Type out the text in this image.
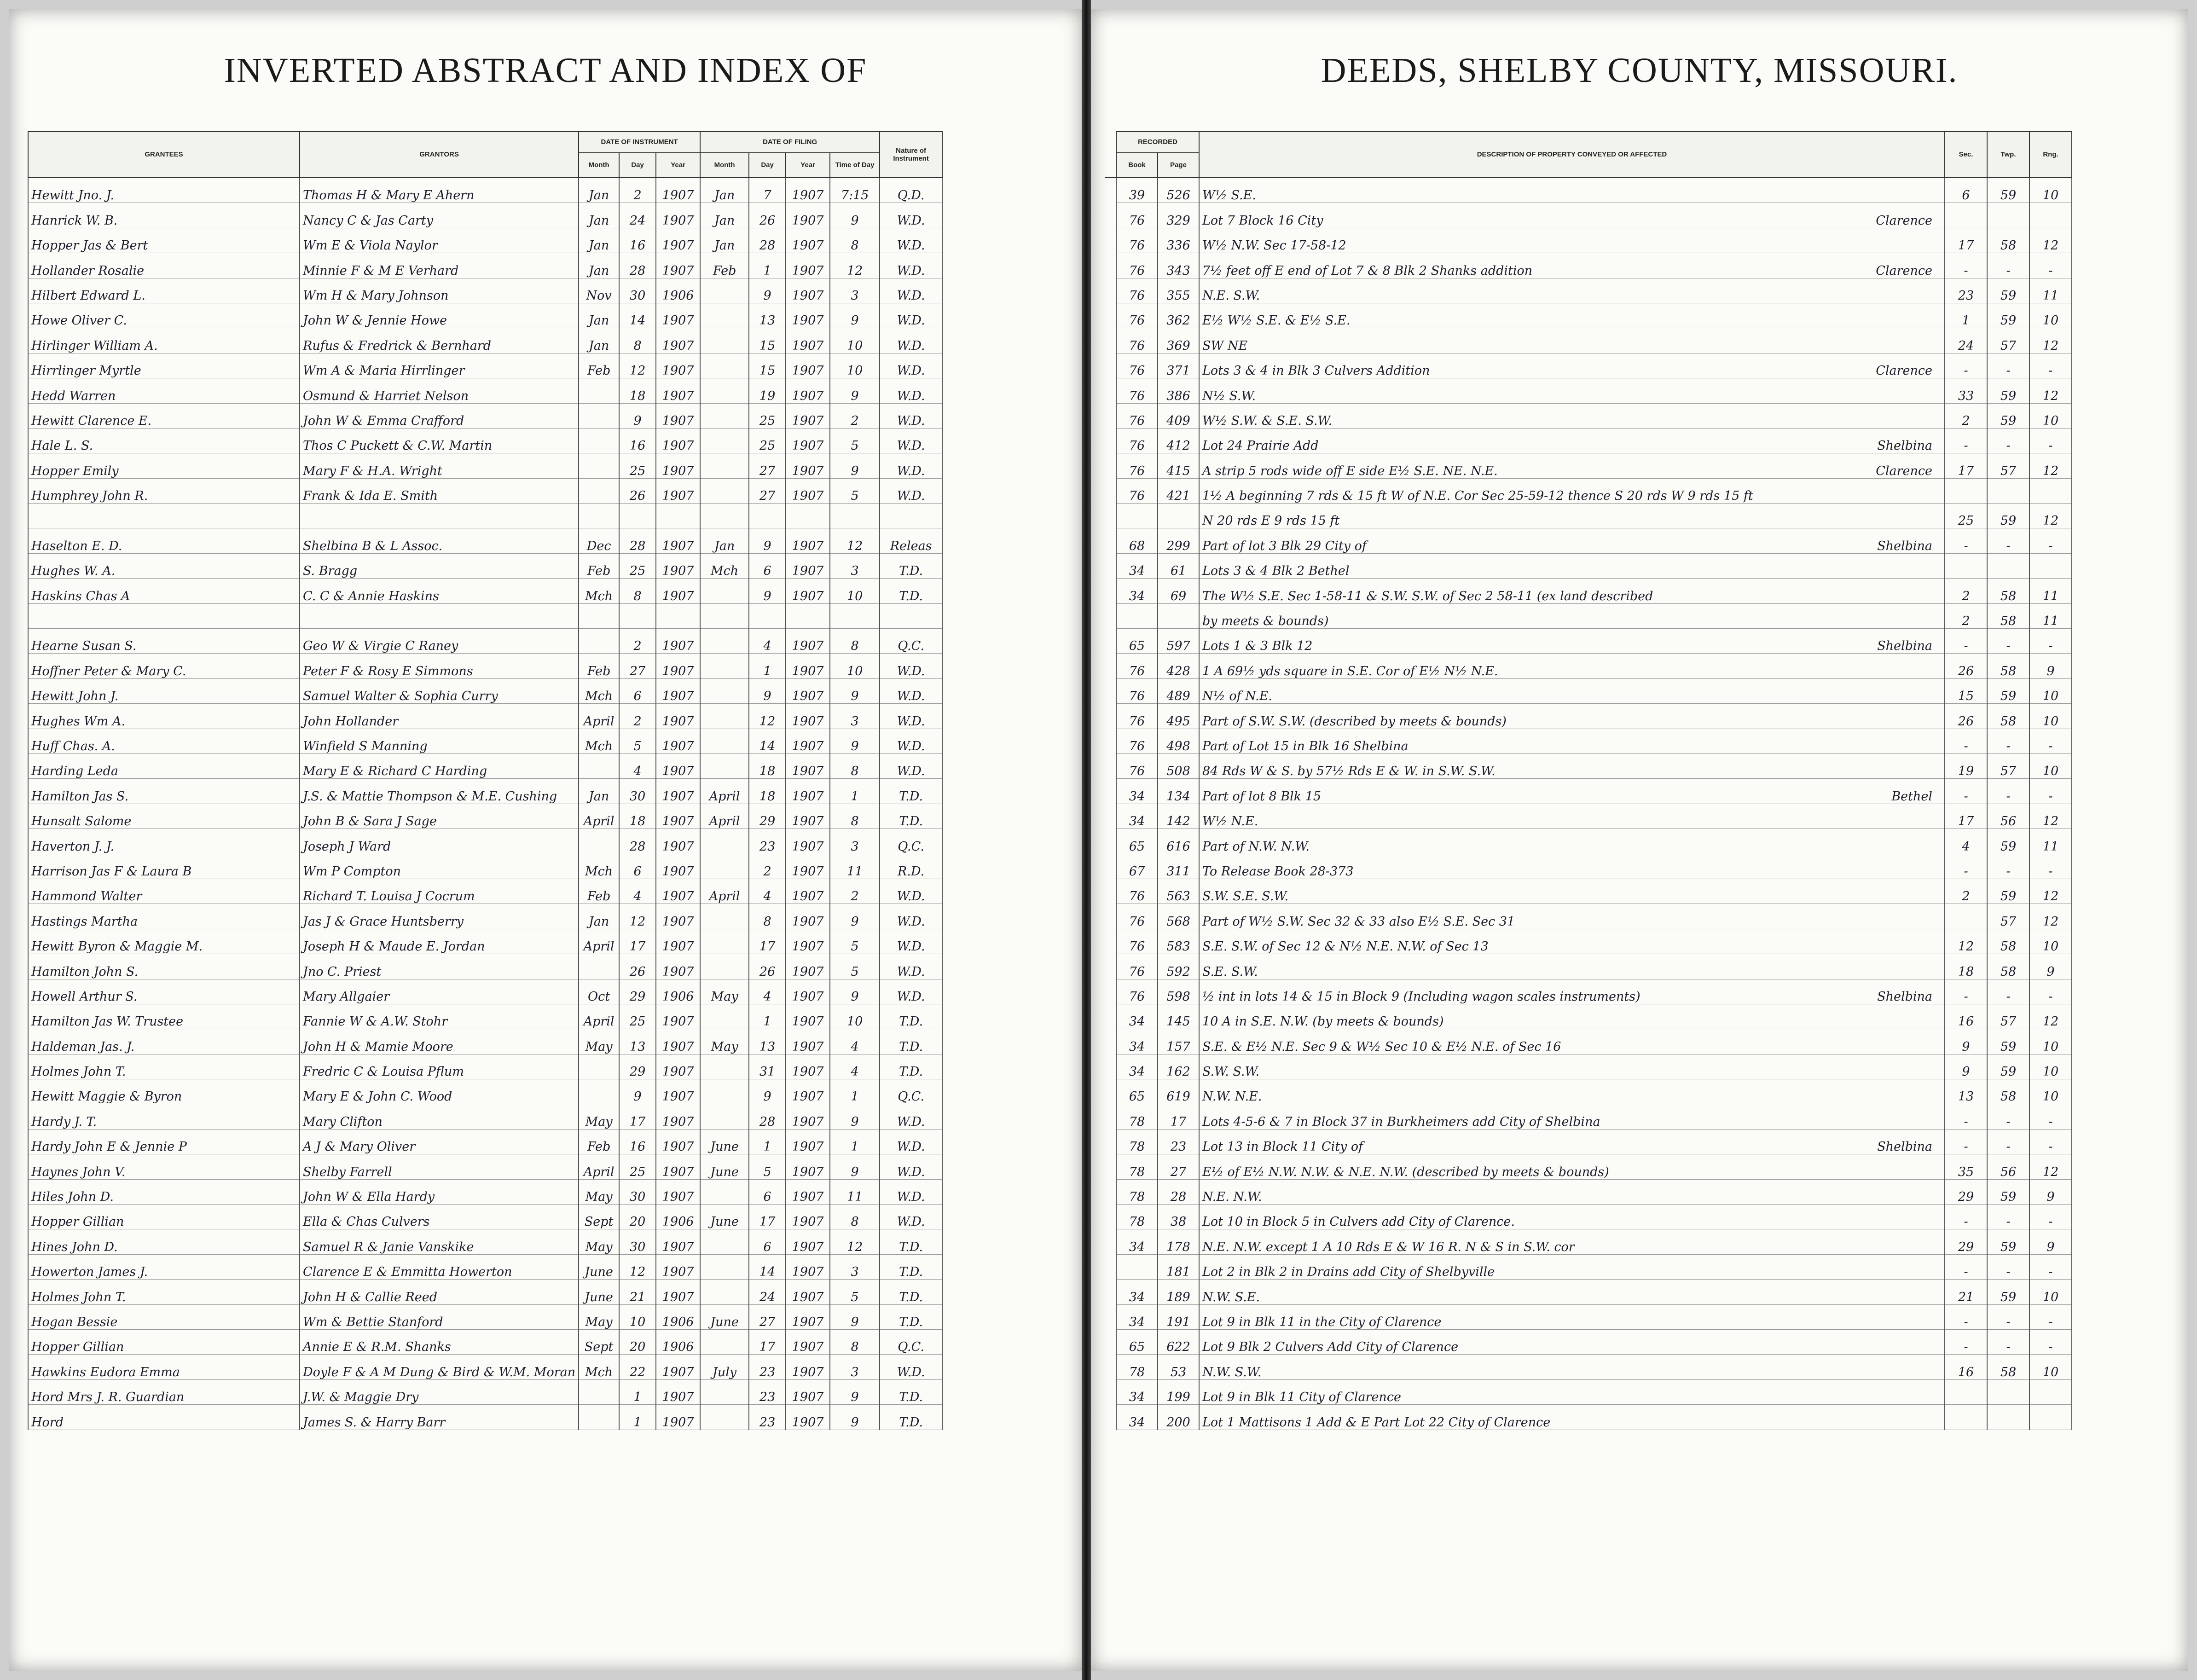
INVERTED ABSTRACT AND INDEX OF
GRANTEES	GRANTORS	DATE OF INSTRUMENT			DATE OF FILING				Nature of Instrument
		Month	Day	Year	Month	Day	Year	Time of Day	
Hewitt Jno. J.	Thomas H & Mary E Ahern	Jan	2	1907	Jan	7	1907	7:15	Q.D.
Hanrick W. B.	Nancy C & Jas Carty	Jan	24	1907	Jan	26	1907	9	W.D.
Hopper Jas & Bert	Wm E & Viola Naylor	Jan	16	1907	Jan	28	1907	8	W.D.
Hollander Rosalie	Minnie F & M E Verhard	Jan	28	1907	Feb	1	1907	12	W.D.
Hilbert Edward L.	Wm H & Mary Johnson	Nov	30	1906		9	1907	3	W.D.
Howe Oliver C.	John W & Jennie Howe	Jan	14	1907		13	1907	9	W.D.
Hirlinger William A.	Rufus & Fredrick & Bernhard	Jan	8	1907		15	1907	10	W.D.
Hirrlinger Myrtle	Wm A & Maria Hirrlinger	Feb	12	1907		15	1907	10	W.D.
Hedd Warren	Osmund & Harriet Nelson		18	1907		19	1907	9	W.D.
Hewitt Clarence E.	John W & Emma Crafford		9	1907		25	1907	2	W.D.
Hale L. S.	Thos C Puckett & C.W. Martin		16	1907		25	1907	5	W.D.
Hopper Emily	Mary F & H.A. Wright		25	1907		27	1907	9	W.D.
Humphrey John R.	Frank & Ida E. Smith		26	1907		27	1907	5	W.D.

Haselton E. D.	Shelbina B & L Assoc.	Dec	28	1907	Jan	9	1907	12	Releas
Hughes W. A.	S. Bragg	Feb	25	1907	Mch	6	1907	3	T.D.
Haskins Chas A	C. C & Annie Haskins	Mch	8	1907		9	1907	10	T.D.

Hearne Susan S.	Geo W & Virgie C Raney		2	1907		4	1907	8	Q.C.
Hoffner Peter & Mary C.	Peter F & Rosy E Simmons	Feb	27	1907		1	1907	10	W.D.
Hewitt John J.	Samuel Walter & Sophia Curry	Mch	6	1907		9	1907	9	W.D.
Hughes Wm A.	John Hollander	April	2	1907		12	1907	3	W.D.
Huff Chas. A.	Winfield S Manning	Mch	5	1907		14	1907	9	W.D.
Harding Leda	Mary E & Richard C Harding		4	1907		18	1907	8	W.D.
Hamilton Jas S.	J.S. & Mattie Thompson & M.E. Cushing	Jan	30	1907	April	18	1907	1	T.D.
Hunsalt Salome	John B & Sara J Sage	April	18	1907	April	29	1907	8	T.D.
Haverton J. J.	Joseph J Ward		28	1907		23	1907	3	Q.C.
Harrison Jas F & Laura B	Wm P Compton	Mch	6	1907		2	1907	11	R.D.
Hammond Walter	Richard T. Louisa J Cocrum	Feb	4	1907	April	4	1907	2	W.D.
Hastings Martha	Jas J & Grace Huntsberry	Jan	12	1907		8	1907	9	W.D.
Hewitt Byron & Maggie M.	Joseph H & Maude E. Jordan	April	17	1907		17	1907	5	W.D.
Hamilton John S.	Jno C. Priest		26	1907		26	1907	5	W.D.
Howell Arthur S.	Mary Allgaier	Oct	29	1906	May	4	1907	9	W.D.
Hamilton Jas W. Trustee	Fannie W & A.W. Stohr	April	25	1907		1	1907	10	T.D.
Haldeman Jas. J.	John H & Mamie Moore	May	13	1907	May	13	1907	4	T.D.
Holmes John T.	Fredric C & Louisa Pflum		29	1907		31	1907	4	T.D.
Hewitt Maggie & Byron	Mary E & John C. Wood		9	1907		9	1907	1	Q.C.
Hardy J. T.	Mary Clifton	May	17	1907		28	1907	9	W.D.
Hardy John E & Jennie P	A J & Mary Oliver	Feb	16	1907	June	1	1907	1	W.D.
Haynes John V.	Shelby Farrell	April	25	1907	June	5	1907	9	W.D.
Hiles John D.	John W & Ella Hardy	May	30	1907		6	1907	11	W.D.
Hopper Gillian	Ella & Chas Culvers	Sept	20	1906	June	17	1907	8	W.D.
Hines John D.	Samuel R & Janie Vanskike	May	30	1907		6	1907	12	T.D.
Howerton James J.	Clarence E & Emmitta Howerton	June	12	1907		14	1907	3	T.D.
Holmes John T.	John H & Callie Reed	June	21	1907		24	1907	5	T.D.
Hogan Bessie	Wm & Bettie Stanford	May	10	1906	June	27	1907	9	T.D.
Hopper Gillian	Annie E & R.M. Shanks	Sept	20	1906		17	1907	8	Q.C.
Hawkins Eudora Emma	Doyle F & A M Dung & Bird & W.M. Moran	Mch	22	1907	July	23	1907	3	W.D.
Hord Mrs J. R. Guardian	J.W. & Maggie Dry		1	1907		23	1907	9	T.D.
Hord	James S. & Harry Barr		1	1907		23	1907	9	T.D.
DEEDS, SHELBY COUNTY, MISSOURI.
	RECORDED		DESCRIPTION OF PROPERTY CONVEYED OR AFFECTED	Sec.	Twp.	Rng.
	Book	Page				
	39	526	W½ S.E.	6	59	10
	76	329	Lot 7 Block 16 City Clarence			

	76	336	W½ N.W. Sec 17-58-12	17	58	12
	76	343	7½ feet off E end of Lot 7 & 8 Blk 2 Shanks addition Clarence	-	-	-
	76	355	N.E. S.W.	23	59	11
	76	362	E½ W½ S.E. & E½ S.E.	1	59	10
	76	369	SW NE	24	57	12
	76	371	Lots 3 & 4 in Blk 3 Culvers Addition Clarence	-	-	-
	76	386	N½ S.W.	33	59	12
	76	409	W½ S.W. & S.E. S.W.	2	59	10
	76	412	Lot 24 Prairie Add Shelbina	-	-	-
	76	415	A strip 5 rods wide off E side E½ S.E. NE. N.E. Clarence	17	57	12
	76	421	1½ A beginning 7 rds & 15 ft W of N.E. Cor Sec 25-59-12 thence S 20 rds W 9 rds 15 ft

			N 20 rds E 9 rds 15 ft	25	59	12
	68	299	Part of lot 3 Blk 29 City of Shelbina	-	-	-
	34	61	Lots 3 & 4 Blk 2 Bethel

	34	69	The W½ S.E. Sec 1-58-11 & S.W. S.W. of Sec 2 58-11 (ex land described	2	58	11
			by meets & bounds)	2	58	11
	65	597	Lots 1 & 3 Blk 12 Shelbina	-	-	-
	76	428	1 A 69½ yds square in S.E. Cor of E½ N½ N.E.	26	58	9
	76	489	N½ of N.E.	15	59	10
	76	495	Part of S.W. S.W. (described by meets & bounds)	26	58	10
	76	498	Part of Lot 15 in Blk 16 Shelbina	-	-	-
	76	508	84 Rds W & S. by 57½ Rds E & W. in S.W. S.W.	19	57	10
	34	134	Part of lot 8 Blk 15 Bethel	-	-	-
	34	142	W½ N.E.	17	56	12
	65	616	Part of N.W. N.W.	4	59	11
	67	311	To Release Book 28-373	-	-	-
	76	563	S.W. S.E. S.W.	2	59	12
	76	568	Part of W½ S.W. Sec 32 & 33 also E½ S.E. Sec 31		57	12
	76	583	S.E. S.W. of Sec 12 & N½ N.E. N.W. of Sec 13	12	58	10
	76	592	S.E. S.W.	18	58	9
	76	598	½ int in lots 14 & 15 in Block 9 (Including wagon scales instruments) Shelbina	-	-	-
	34	145	10 A in S.E. N.W. (by meets & bounds)	16	57	12
	34	157	S.E. & E½ N.E. Sec 9 & W½ Sec 10 & E½ N.E. of Sec 16	9	59	10
	34	162	S.W. S.W.	9	59	10
	65	619	N.W. N.E.	13	58	10
	78	17	Lots 4-5-6 & 7 in Block 37 in Burkheimers add City of Shelbina	-	-	-
	78	23	Lot 13 in Block 11 City of Shelbina	-	-	-
	78	27	E½ of E½ N.W. N.W. & N.E. N.W. (described by meets & bounds)	35	56	12
	78	28	N.E. N.W.	29	59	9
	78	38	Lot 10 in Block 5 in Culvers add City of Clarence.	-	-	-
	34	178	N.E. N.W. except 1 A 10 Rds E & W 16 R. N & S in S.W. cor	29	59	9
		181	Lot 2 in Blk 2 in Drains add City of Shelbyville	-	-	-
	34	189	N.W. S.E.	21	59	10
	34	191	Lot 9 in Blk 11 in the City of Clarence	-	-	-
	65	622	Lot 9 Blk 2 Culvers Add City of Clarence	-	-	-
	78	53	N.W. S.W.	16	58	10
	34	199	Lot 9 in Blk 11 City of Clarence

	34	200	Lot 1 Mattisons 1 Add & E Part Lot 22 City of Clarence
